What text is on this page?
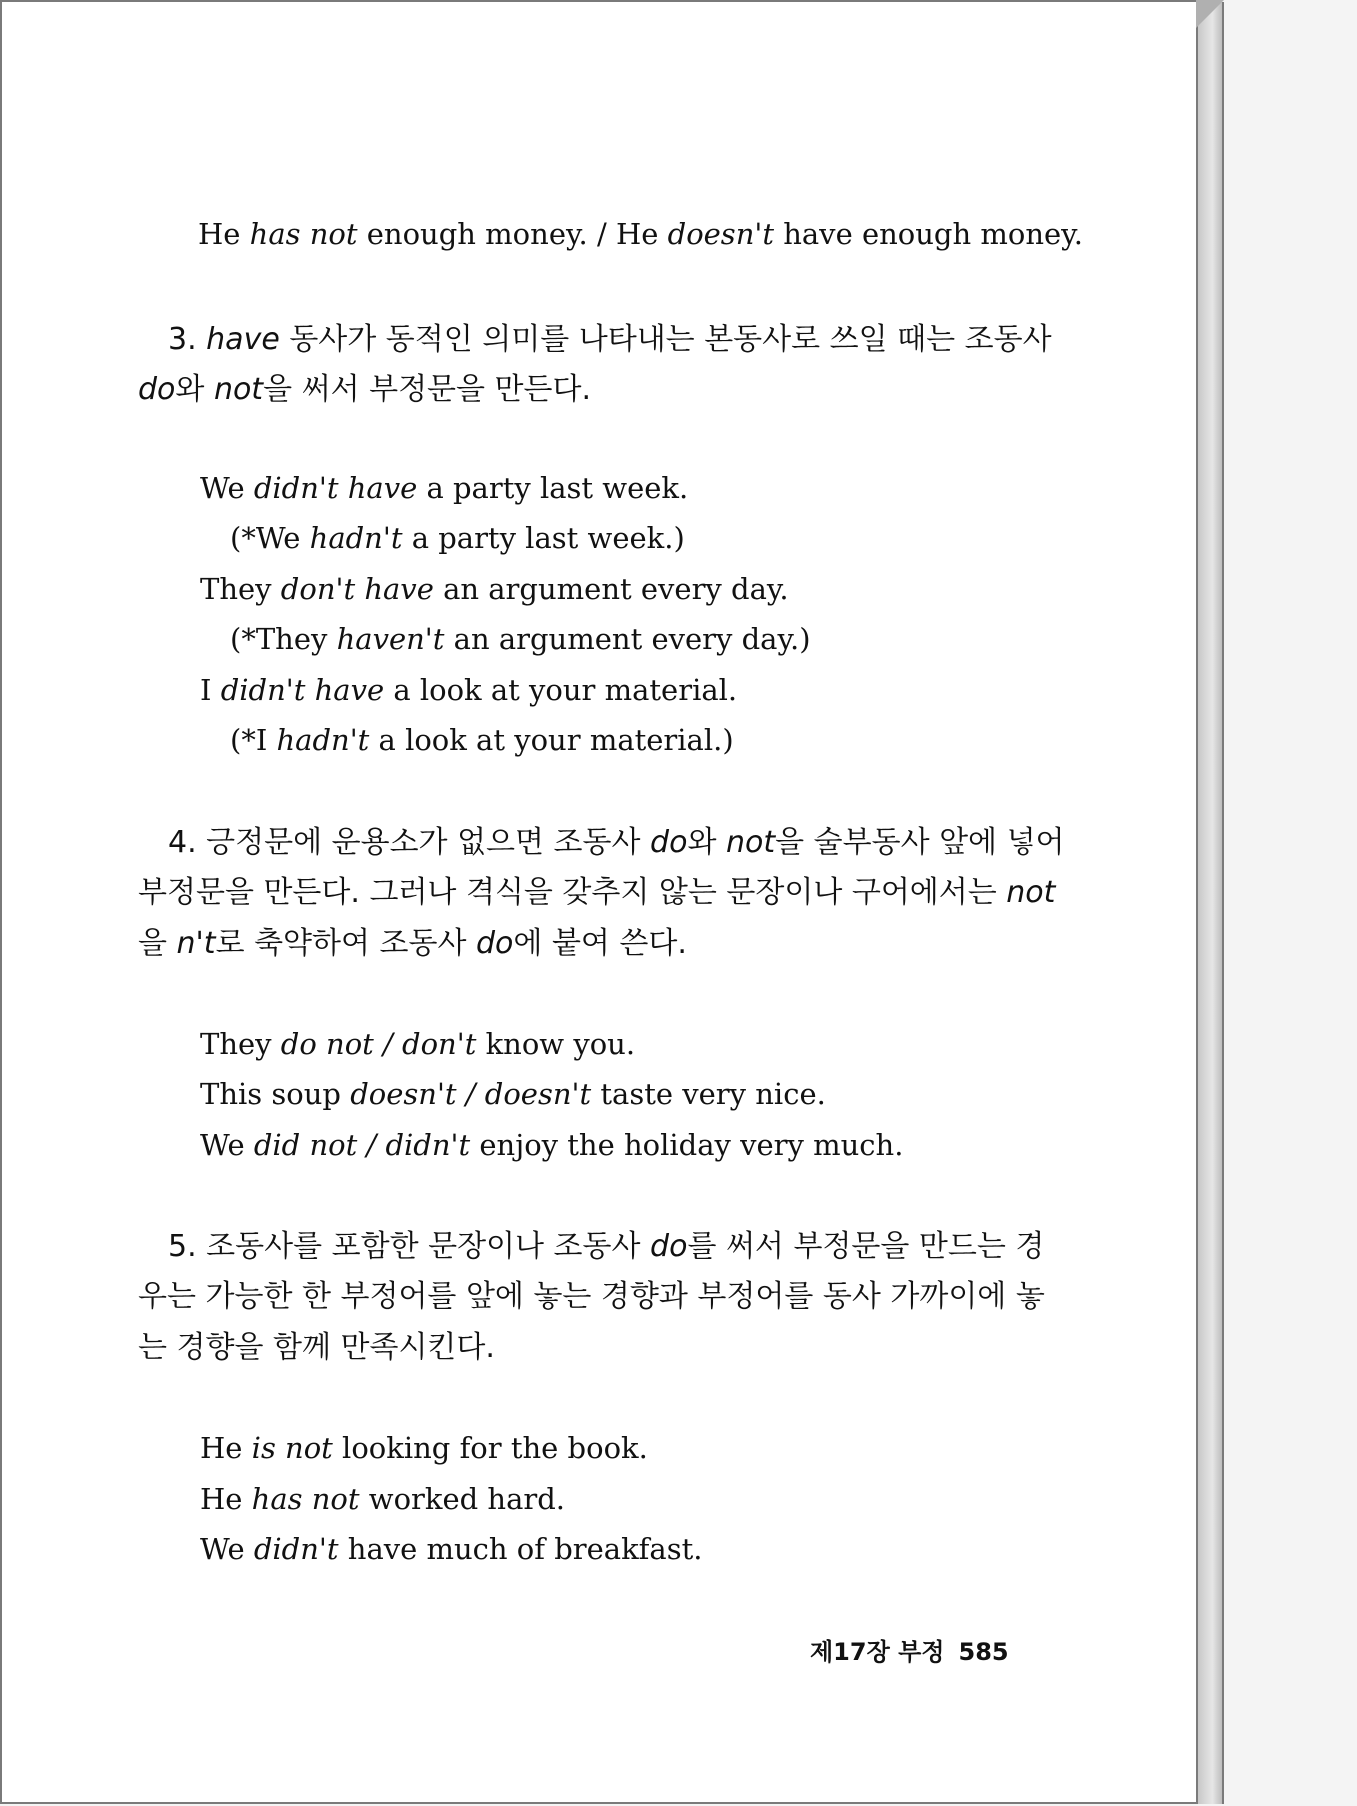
He has not enough money. / He doesn't have enough money.
3. have 동사가 동적인 의미를 나타내는 본동사로 쓰일 때는 조동사
do와 not을 써서 부정문을 만든다.
We didn't have a party last week.
(*We hadn't a party last week.)
They don't have an argument every day.
(*They haven't an argument every day.)
I didn't have a look at your material.
(*I hadn't a look at your material.)
4. 긍정문에 운용소가 없으면 조동사 do와 not을 술부동사 앞에 넣어
부정문을 만든다. 그러나 격식을 갖추지 않는 문장이나 구어에서는 not
을 n't로 축약하여 조동사 do에 붙여 쓴다.
They do not / don't know you.
This soup doesn't / doesn't taste very nice.
We did not / didn't enjoy the holiday very much.
5. 조동사를 포함한 문장이나 조동사 do를 써서 부정문을 만드는 경
우는 가능한 한 부정어를 앞에 놓는 경향과 부정어를 동사 가까이에 놓
는 경향을 함께 만족시킨다.
He is not looking for the book.
He has not worked hard.
We didn't have much of breakfast.
제17장 부정 585
